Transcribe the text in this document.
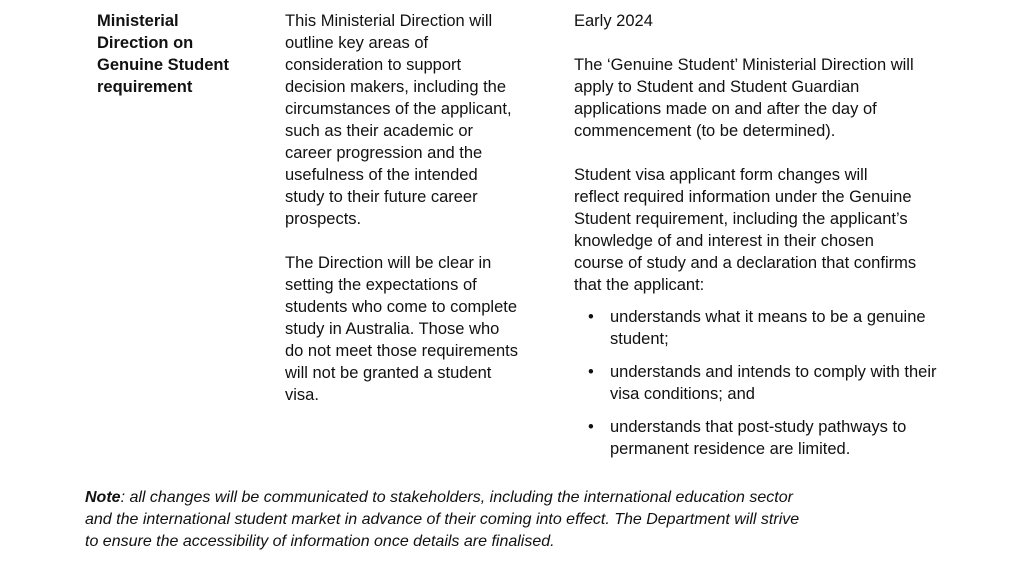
Ministerial
Direction on
Genuine Student
requirement
This Ministerial Direction will
outline key areas of
consideration to support
decision makers, including the
circumstances of the applicant,
such as their academic or
career progression and the
usefulness of the intended
study to their future career
prospects.
The Direction will be clear in
setting the expectations of
students who come to complete
study in Australia. Those who
do not meet those requirements
will not be granted a student
visa.
Early 2024
The ‘Genuine Student’ Ministerial Direction will
apply to Student and Student Guardian
applications made on and after the day of
commencement (to be determined).
Student visa applicant form changes will
reflect required information under the Genuine
Student requirement, including the applicant’s
knowledge of and interest in their chosen
course of study and a declaration that confirms
that the applicant:
• understands what it means to be a genuine
student;
• understands and intends to comply with their
visa conditions; and
• understands that post-study pathways to
permanent residence are limited.
Note: all changes will be communicated to stakeholders, including the international education sector
and the international student market in advance of their coming into effect. The Department will strive
to ensure the accessibility of information once details are finalised.
